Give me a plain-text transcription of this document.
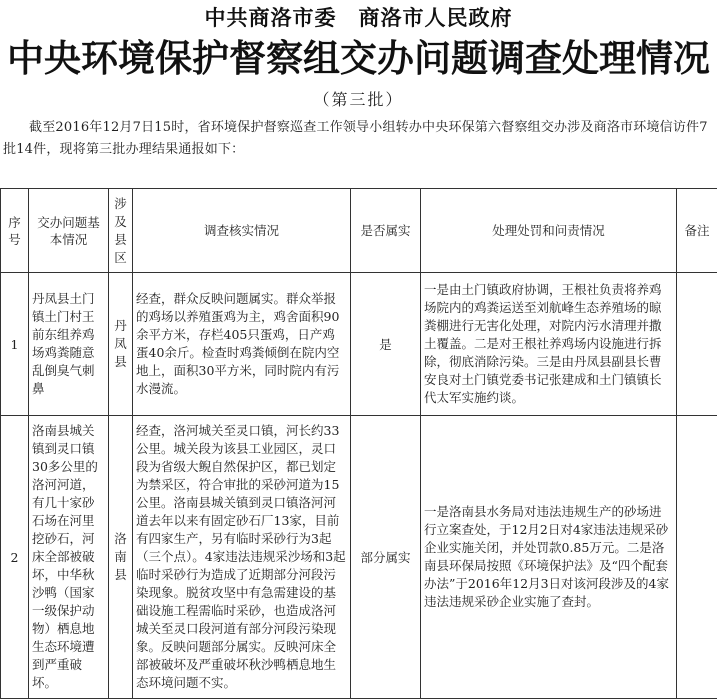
中共商洛市委 商洛市人民政府
中央环境保护督察组交办问题调查处理情况
（第三批）
截至2016年12月7日15时，省环境保护督察巡查工作领导小组转办中央环保第六督察组交办涉及商洛市环境信访件7批14件，现将第三批办理结果通报如下：
序号	交办问题基本情况	涉及县区	调查核实情况	是否属实	处理处罚和问责情况	备注
1	丹凤县土门镇土门村王前东组养鸡场鸡粪随意乱倒臭气刺鼻	丹凤县	经查，群众反映问题属实。群众举报的鸡场以养殖蛋鸡为主，鸡舍面积90余平方米，存栏405只蛋鸡，日产鸡蛋40余斤。检查时鸡粪倾倒在院内空地上，面积30平方米，同时院内有污水漫流。	是	一是由土门镇政府协调，王根社负责将养鸡场院内的鸡粪运送至刘航峰生态养殖场的晾粪棚进行无害化处理，对院内污水清理并撒土覆盖。二是对王根社养鸡场内设施进行拆除，彻底消除污染。三是由丹凤县副县长曹安良对土门镇党委书记张建成和土门镇镇长代太军实施约谈。	
2	洛南县城关镇到灵口镇30多公里的洛河河道，有几十家砂石场在河里挖砂石，河床全部被破坏，中华秋沙鸭（国家一级保护动物）栖息地生态环境遭到严重破坏。	洛南县	经查，洛河城关至灵口镇，河长约33公里。城关段为该县工业园区，灵口段为省级大鲵自然保护区，都已划定为禁采区，符合审批的采砂河道为15公里。洛南县城关镇到灵口镇洛河河道去年以来有固定砂石厂13家，目前有四家生产，另有临时采砂行为3起（三个点）。4家违法违规采沙场和3起临时采砂行为造成了近期部分河段污染现象。脱贫攻坚中有急需建设的基础设施工程需临时采砂，也造成洛河城关至灵口段河道有部分河段污染现象。反映问题部分属实。反映河床全部被破坏及严重破坏秋沙鸭栖息地生态环境问题不实。	部分属实	一是洛南县水务局对违法违规生产的砂场进行立案查处，于12月2日对4家违法违规采砂企业实施关闭，并处罚款0.85万元。二是洛南县环保局按照《环境保护法》及“四个配套办法”于2016年12月3日对该河段涉及的4家违法违规采砂企业实施了查封。	
